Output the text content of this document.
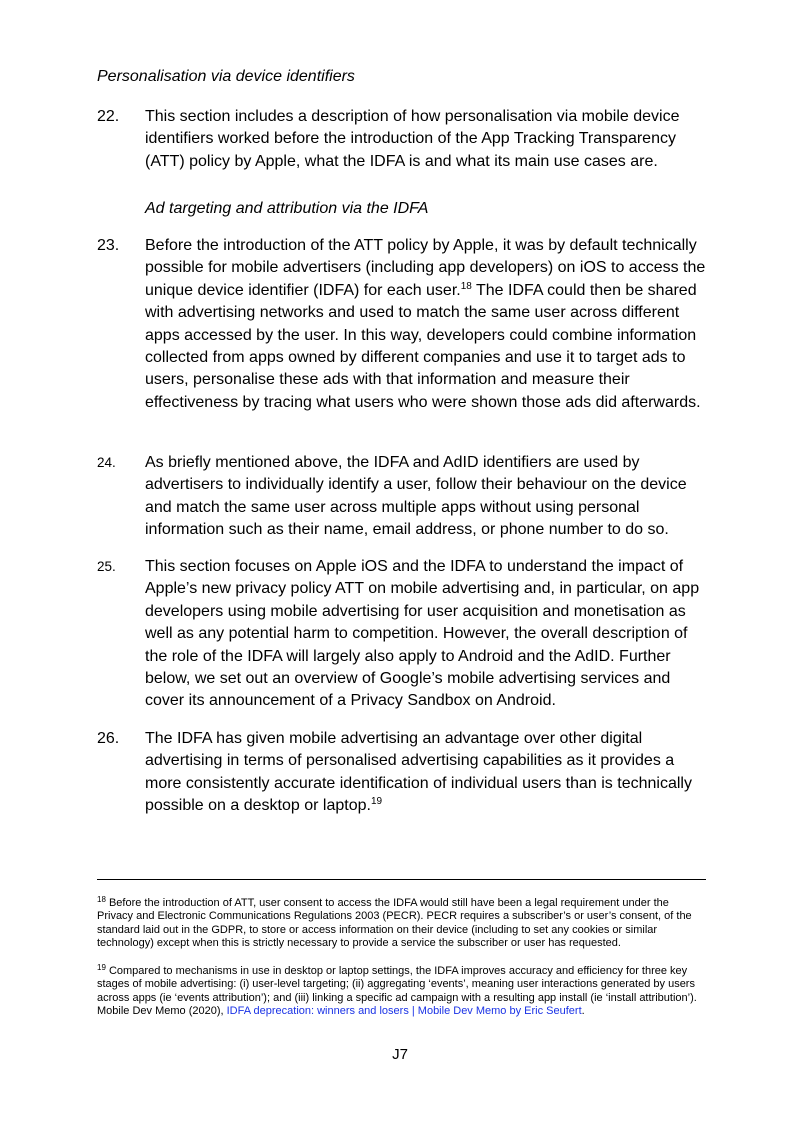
Personalisation via device identifiers
22.	This section includes a description of how personalisation via mobile device identifiers worked before the introduction of the App Tracking Transparency (ATT) policy by Apple, what the IDFA is and what its main use cases are.
Ad targeting and attribution via the IDFA
23.	Before the introduction of the ATT policy by Apple, it was by default technically possible for mobile advertisers (including app developers) on iOS to access the unique device identifier (IDFA) for each user.$^{18}$ The IDFA could then be shared with advertising networks and used to match the same user across different apps accessed by the user. In this way, developers could combine information collected from apps owned by different companies and use it to target ads to users, personalise these ads with that information and measure their effectiveness by tracing what users who were shown those ads did afterwards.
24.	As briefly mentioned above, the IDFA and AdID identifiers are used by advertisers to individually identify a user, follow their behaviour on the device and match the same user across multiple apps without using personal information such as their name, email address, or phone number to do so.
25.	This section focuses on Apple iOS and the IDFA to understand the impact of Apple’s new privacy policy ATT on mobile advertising and, in particular, on app developers using mobile advertising for user acquisition and monetisation as well as any potential harm to competition. However, the overall description of the role of the IDFA will largely also apply to Android and the AdID. Further below, we set out an overview of Google’s mobile advertising services and cover its announcement of a Privacy Sandbox on Android.
26.	The IDFA has given mobile advertising an advantage over other digital advertising in terms of personalised advertising capabilities as it provides a more consistently accurate identification of individual users than is technically possible on a desktop or laptop.$^{19}$
$^{18}$ Before the introduction of ATT, user consent to access the IDFA would still have been a legal requirement under the Privacy and Electronic Communications Regulations 2003 (PECR). PECR requires a subscriber’s or user’s consent, of the standard laid out in the GDPR, to store or access information on their device (including to set any cookies or similar technology) except when this is strictly necessary to provide a service the subscriber or user has requested.
$^{19}$ Compared to mechanisms in use in desktop or laptop settings, the IDFA improves accuracy and efficiency for three key stages of mobile advertising: (i) user-level targeting; (ii) aggregating ‘events’, meaning user interactions generated by users across apps (ie ‘events attribution’); and (iii) linking a specific ad campaign with a resulting app install (ie ‘install attribution’). Mobile Dev Memo (2020), IDFA deprecation: winners and losers | Mobile Dev Memo by Eric Seufert.
J7
